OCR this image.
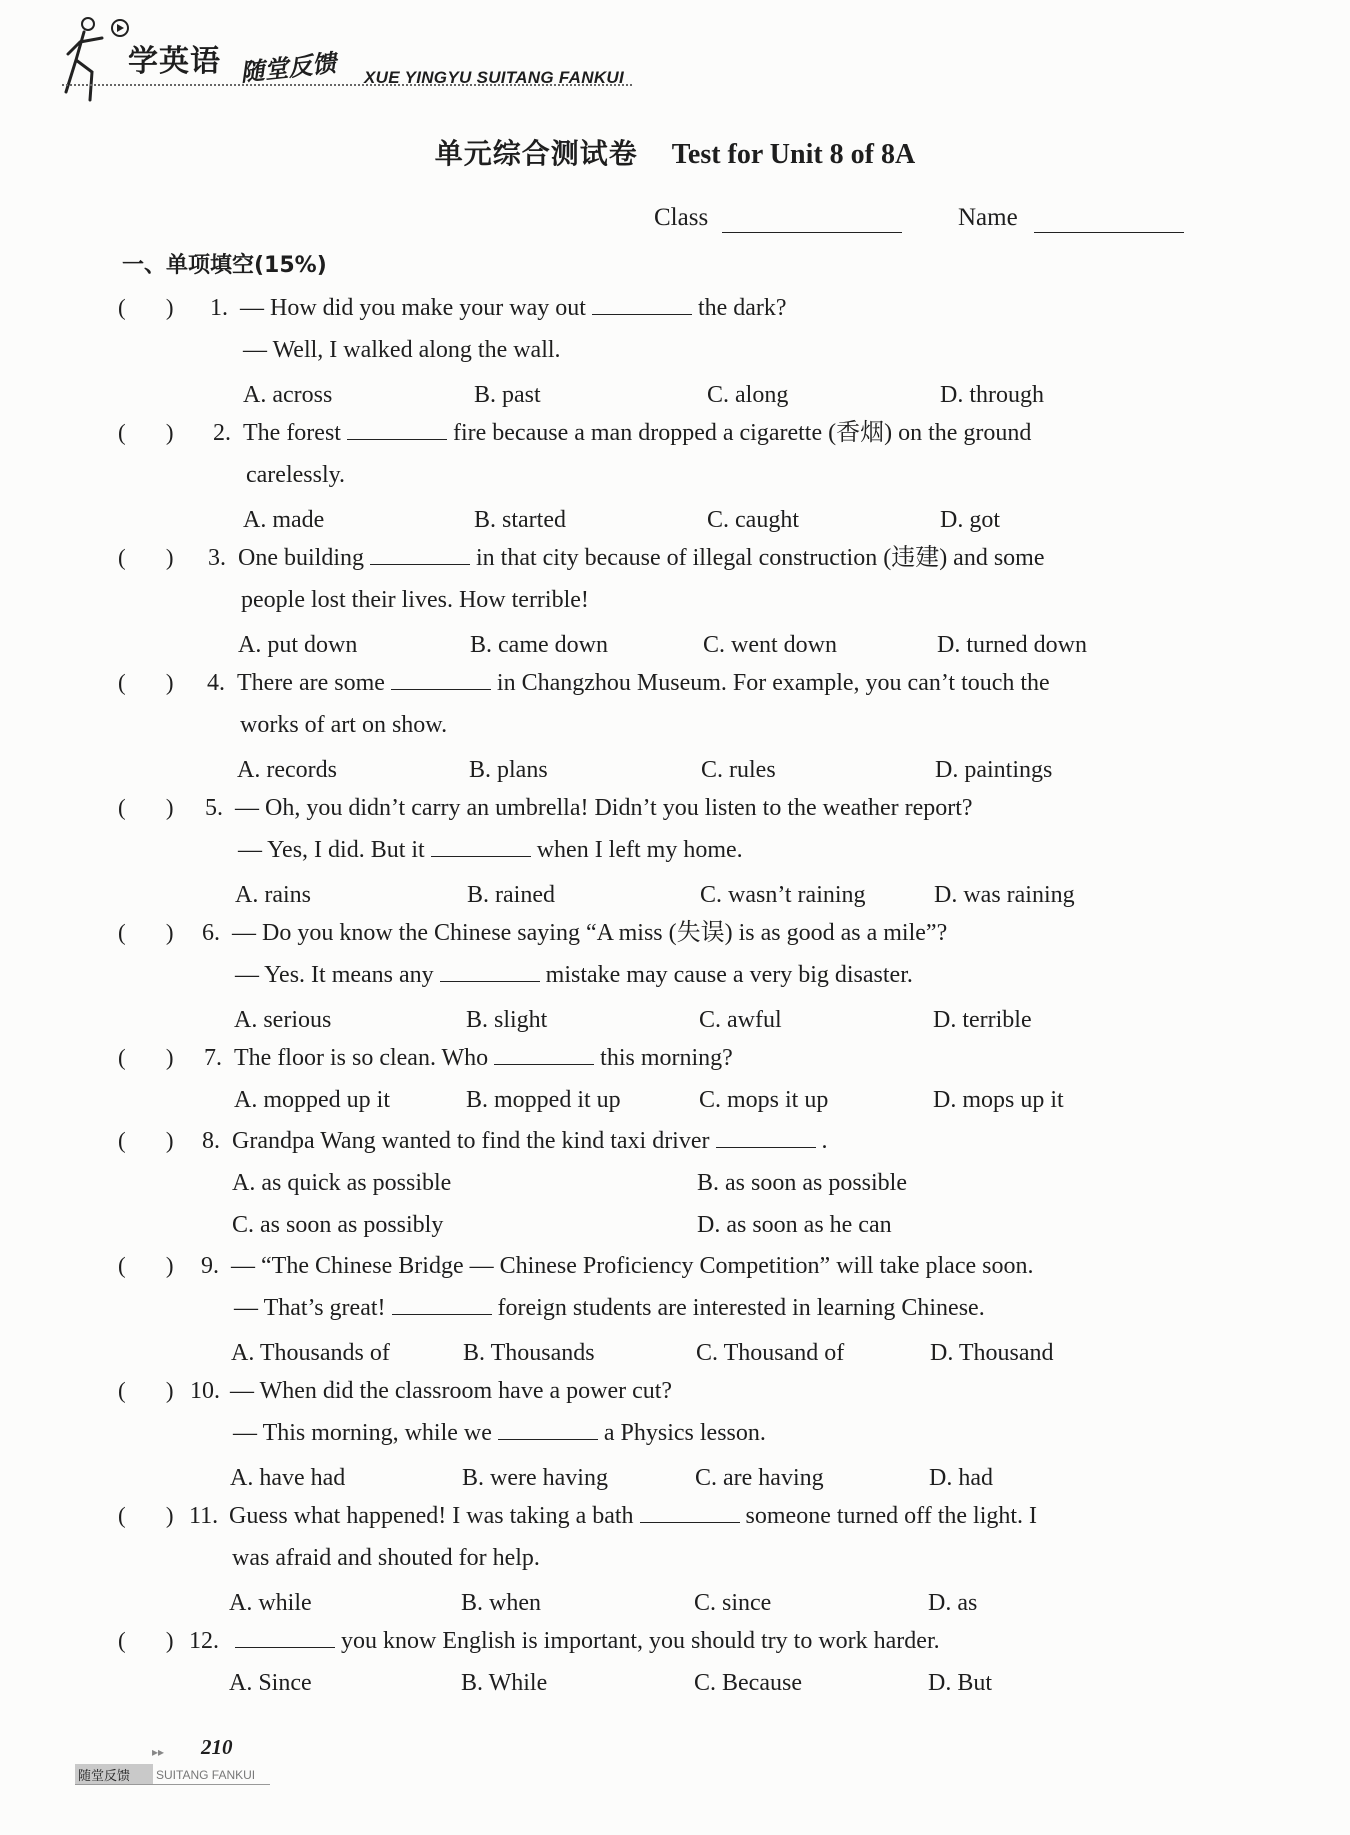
学英语 随堂反馈 XUE YINGYU SUITANG FANKUI
单元综合测试卷 Test for Unit 8 of 8A
Class	Name
一、单项填空(15%)
(       ) 1. — How did you make your way out	the dark?
— Well, I walked along the wall.
A. across	B. past	C. along	D. through
(       ) 2. The forest	fire because a man dropped a cigarette (香烟) on the ground
carelessly.
A. made	B. started	C. caught	D. got
(       ) 3. One building	in that city because of illegal construction (违建) and some
people lost their lives. How terrible!
A. put down	B. came down	C. went down	D. turned down
(       ) 4. There are some	in Changzhou Museum. For example, you can’t touch the
works of art on show.
A. records	B. plans	C. rules	D. paintings
(       ) 5. — Oh, you didn’t carry an umbrella! Didn’t you listen to the weather report?
— Yes, I did. But it	when I left my home.
A. rains	B. rained	C. wasn’t raining	D. was raining
(       ) 6. — Do you know the Chinese saying “A miss (失误) is as good as a mile”?
— Yes. It means any	mistake may cause a very big disaster.
A. serious	B. slight	C. awful	D. terrible
(       ) 7. The floor is so clean. Who	this morning?
A. mopped up it	B. mopped it up	C. mops it up	D. mops up it
(       ) 8. Grandpa Wang wanted to find the kind taxi driver	.
A. as quick as possible	B. as soon as possible
C. as soon as possibly	D. as soon as he can
(       ) 9. — “The Chinese Bridge — Chinese Proficiency Competition” will take place soon.
— That’s great!	foreign students are interested in learning Chinese.
A. Thousands of	B. Thousands	C. Thousand of	D. Thousand
(       ) 10. — When did the classroom have a power cut?
— This morning, while we	a Physics lesson.
A. have had	B. were having	C. are having	D. had
(       ) 11. Guess what happened! I was taking a bath	someone turned off the light. I
was afraid and shouted for help.
A. while	B. when	C. since	D. as
(       ) 12.	you know English is important, you should try to work harder.
A. Since	B. While	C. Because	D. But
▸▸ 210
随堂反馈 SUITANG FANKUI
